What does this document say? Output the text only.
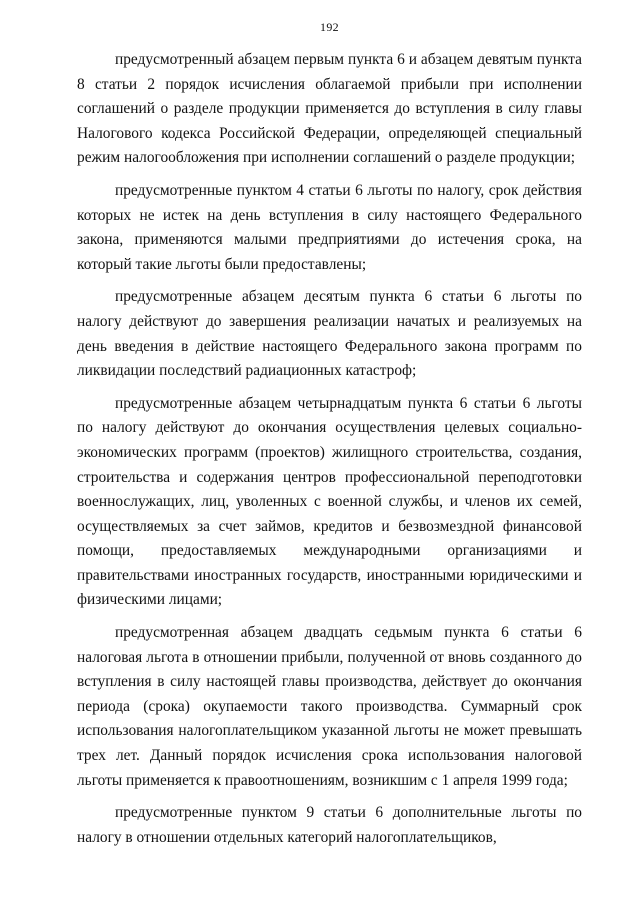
192

предусмотренный абзацем первым пункта 6 и абзацем девятым пункта 8 статьи 2 порядок исчисления облагаемой прибыли при исполнении соглашений о разделе продукции применяется до вступления в силу главы Налогового кодекса Российской Федерации, определяющей специальный режим налогообложения при исполнении соглашений о разделе продукции;

предусмотренные пунктом 4 статьи 6 льготы по налогу, срок действия которых не истек на день вступления в силу настоящего Федерального закона, применяются малыми предприятиями до истечения срока, на который такие льготы были предоставлены;

предусмотренные абзацем десятым пункта 6 статьи 6 льготы по налогу действуют до завершения реализации начатых и реализуемых на день введения в действие настоящего Федерального закона программ по ликвидации последствий радиационных катастроф;

предусмотренные абзацем четырнадцатым пункта 6 статьи 6 льготы по налогу действуют до окончания осуществления целевых социально-экономических программ (проектов) жилищного строительства, создания, строительства и содержания центров профессиональной переподготовки военнослужащих, лиц, уволенных с военной службы, и членов их семей, осуществляемых за счет займов, кредитов и безвозмездной финансовой помощи, предоставляемых международными организациями и правительствами иностранных государств, иностранными юридическими и физическими лицами;

предусмотренная абзацем двадцать седьмым пункта 6 статьи 6 налоговая льгота в отношении прибыли, полученной от вновь созданного до вступления в силу настоящей главы производства, действует до окончания периода (срока) окупаемости такого производства. Суммарный срок использования налогоплательщиком указанной льготы не может превышать трех лет. Данный порядок исчисления срока использования налоговой льготы применяется к правоотношениям, возникшим с 1 апреля 1999 года;

предусмотренные пунктом 9 статьи 6 дополнительные льготы по налогу в отношении отдельных категорий налогоплательщиков,
